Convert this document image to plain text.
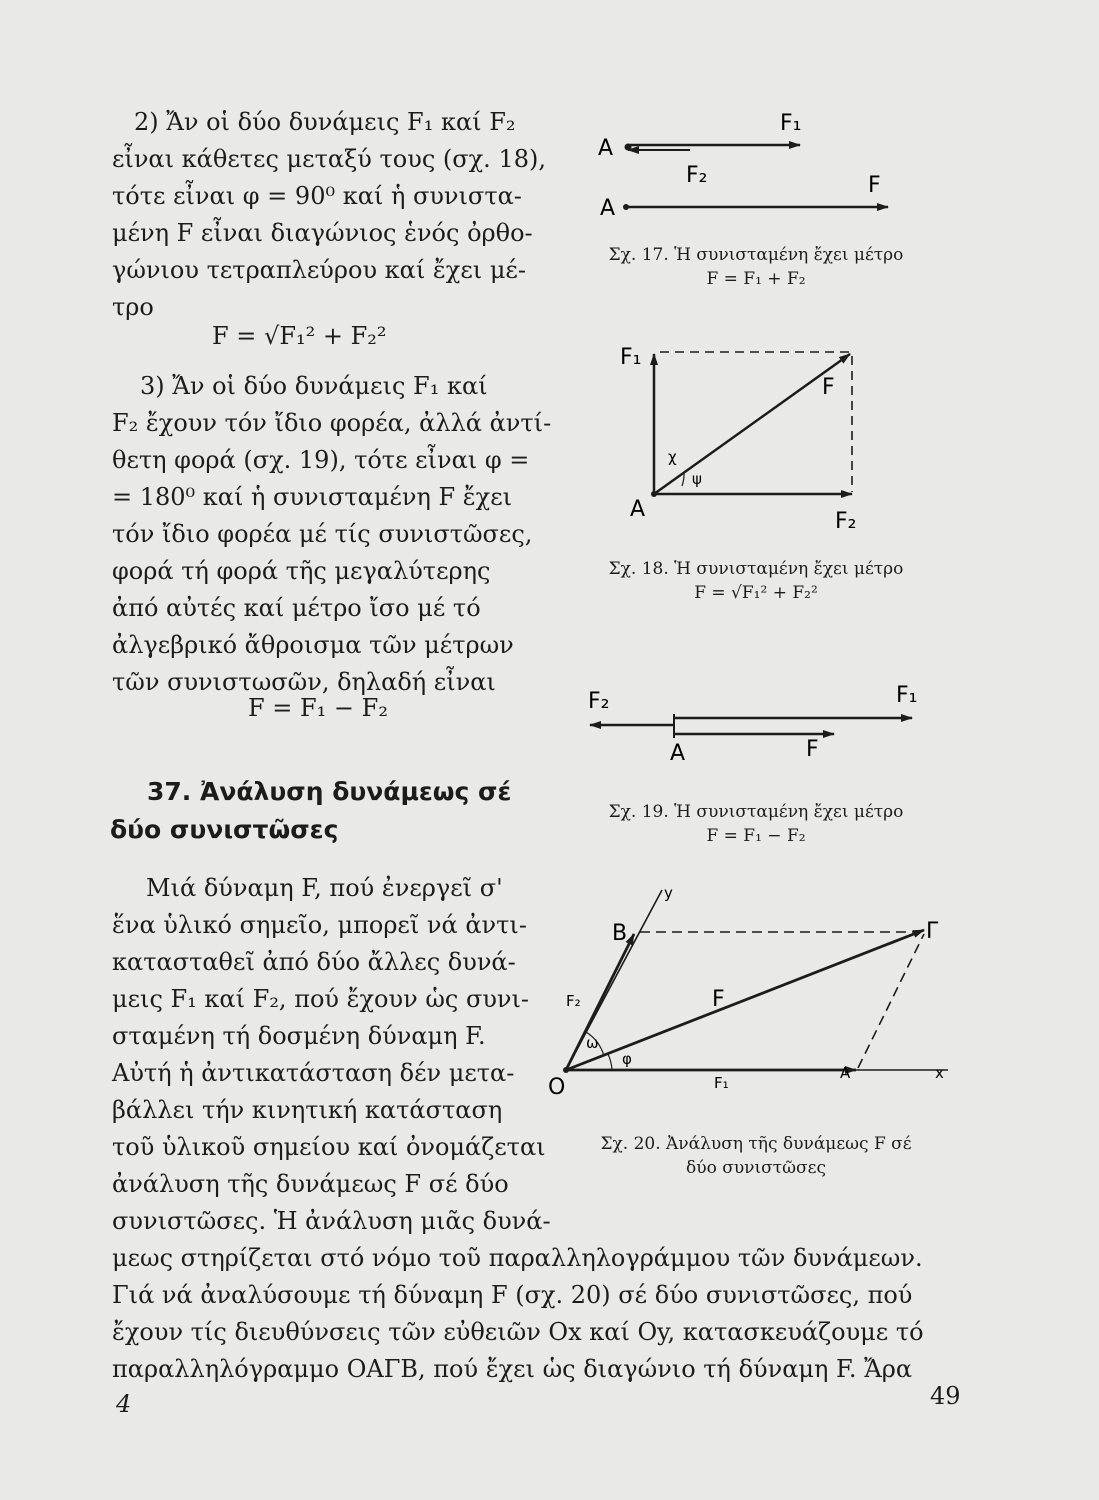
2) Ἄν οἱ δύο δυνάμεις F₁ καί F₂
εἶναι κάθετες μεταξύ τους (σχ. 18),
τότε εἶναι φ = 90⁰ καί ἡ συνιστα-
μένη F εἶναι διαγώνιος ἑνός ὀρθο-
γώνιου τετραπλεύρου καί ἔχει μέ-
τρο
F = √F₁² + F₂²
3) Ἄν οἱ δύο δυνάμεις F₁ καί
F₂ ἔχουν τόν ἴδιο φορέα, ἀλλά ἀντί-
θετη φορά (σχ. 19), τότε εἶναι φ =
= 180⁰ καί ἡ συνισταμένη F ἔχει
τόν ἴδιο φορέα μέ τίς συνιστῶσες,
φορά τή φορά τῆς μεγαλύτερης
ἀπό αὐτές καί μέτρο ἴσο μέ τό
ἀλγεβρικό ἄθροισμα τῶν μέτρων
τῶν συνιστωσῶν, δηλαδή εἶναι
F = F₁ − F₂
37. Ἀνάλυση δυνάμεως σέ
δύο συνιστῶσες
Μιά δύναμη F, πού ἐνεργεῖ σ'
ἕνα ὑλικό σημεῖο, μπορεῖ νά ἀντι-
κατασταθεῖ ἀπό δύο ἄλλες δυνά-
μεις F₁ καί F₂, πού ἔχουν ὡς συνι-
σταμένη τή δοσμένη δύναμη F.
Αὐτή ἡ ἀντικατάσταση δέν μετα-
βάλλει τήν κινητική κατάσταση
τοῦ ὑλικοῦ σημείου καί ὀνομάζεται
ἀνάλυση τῆς δυνάμεως F σέ δύο
συνιστῶσες. Ἡ ἀνάλυση μιᾶς δυνά-
μεως στηρίζεται στό νόμο τοῦ παραλληλογράμμου τῶν δυνάμεων.
Γιά νά ἀναλύσουμε τή δύναμη F (σχ. 20) σέ δύο συνιστῶσες, πού
ἔχουν τίς διευθύνσεις τῶν εὐθειῶν Ox καί Oy, κατασκευάζουμε τό
παραλληλόγραμμο ΟΑΓΒ, πού ἔχει ὡς διαγώνιο τή δύναμη F. Ἄρα
A
F₁
F₂
A
F
F₁
F
A	F₂
χ
ψ
F₂	F₁
A	F
y
B	Γ
F₂	F
ω
φ
F₁
A	x
O
Σχ. 17. Ἡ συνισταμένη ἔχει μέτρο
F = F₁ + F₂
Σχ. 18. Ἡ συνισταμένη ἔχει μέτρο
F = √F₁² + F₂²
Σχ. 19. Ἡ συνισταμένη ἔχει μέτρο
F = F₁ − F₂
Σχ. 20. Ἀνάλυση τῆς δυνάμεως F σέ
δύο συνιστῶσες
4	49
